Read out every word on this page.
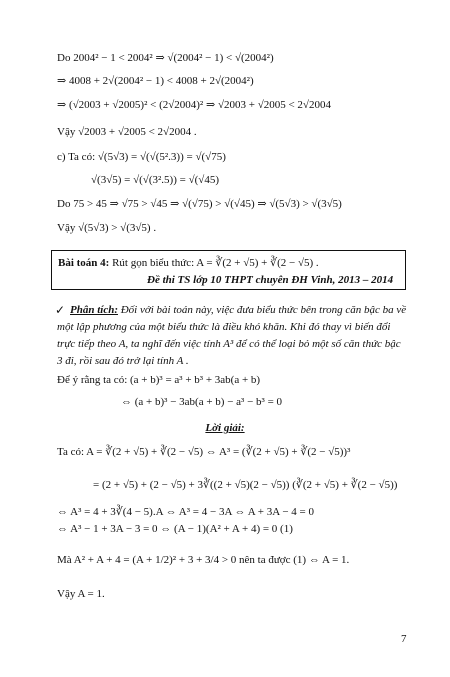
Do 2004² − 1 < 2004² ⇒ √(2004² − 1) < √(2004²)
⇒ 4008 + 2√(2004² − 1) < 4008 + 2√(2004²)
⇒ (√2003 + √2005)² < (2√2004)² ⇒ √2003 + √2005 < 2√2004
Vậy √2003 + √2005 < 2√2004 .
c) Ta có: √(5√3) = √(√(5².3)) = √(√75)
√(3√5) = √(√(3².5)) = √(√45)
Do 75 > 45 ⇒ √75 > √45 ⇒ √(√75) > √(√45) ⇒ √(5√3) > √(3√5)
Vậy √(5√3) > √(3√5) .
Bài toán 4: Rút gọn biểu thức: A = ∛(2 + √5) + ∛(2 − √5) .
Đề thi TS lớp 10 THPT chuyên ĐH Vinh, 2013 – 2014
✓ Phân tích: Đối với bài toán này, việc đưa biểu thức bên trong căn bậc ba về
một lập phương của một biểu thức là điều khó khăn. Khi đó thay vì biến đổi
trực tiếp theo A, ta nghĩ đến việc tính A³ để có thể loại bỏ một số căn thức bậc
3 đi, rồi sau đó trở lại tính A .
Để ý rằng ta có: (a + b)³ = a³ + b³ + 3ab(a + b)
⇔ (a + b)³ − 3ab(a + b) − a³ − b³ = 0
Lời giải:
Ta có: A = ∛(2 + √5) + ∛(2 − √5) ⇔ A³ = (∛(2 + √5) + ∛(2 − √5))³
= (2 + √5) + (2 − √5) + 3∛((2 + √5)(2 − √5)) (∛(2 + √5) + ∛(2 − √5))
⇔ A³ = 4 + 3∛(4 − 5).A ⇔ A³ = 4 − 3A ⇔ A + 3A − 4 = 0
⇔ A³ − 1 + 3A − 3 = 0 ⇔ (A − 1)(A² + A + 4) = 0 (1)
Mà A² + A + 4 = (A + 1/2)² + 3 + 3/4 > 0 nên ta được (1) ⇔ A = 1.
Vậy A = 1.
7
